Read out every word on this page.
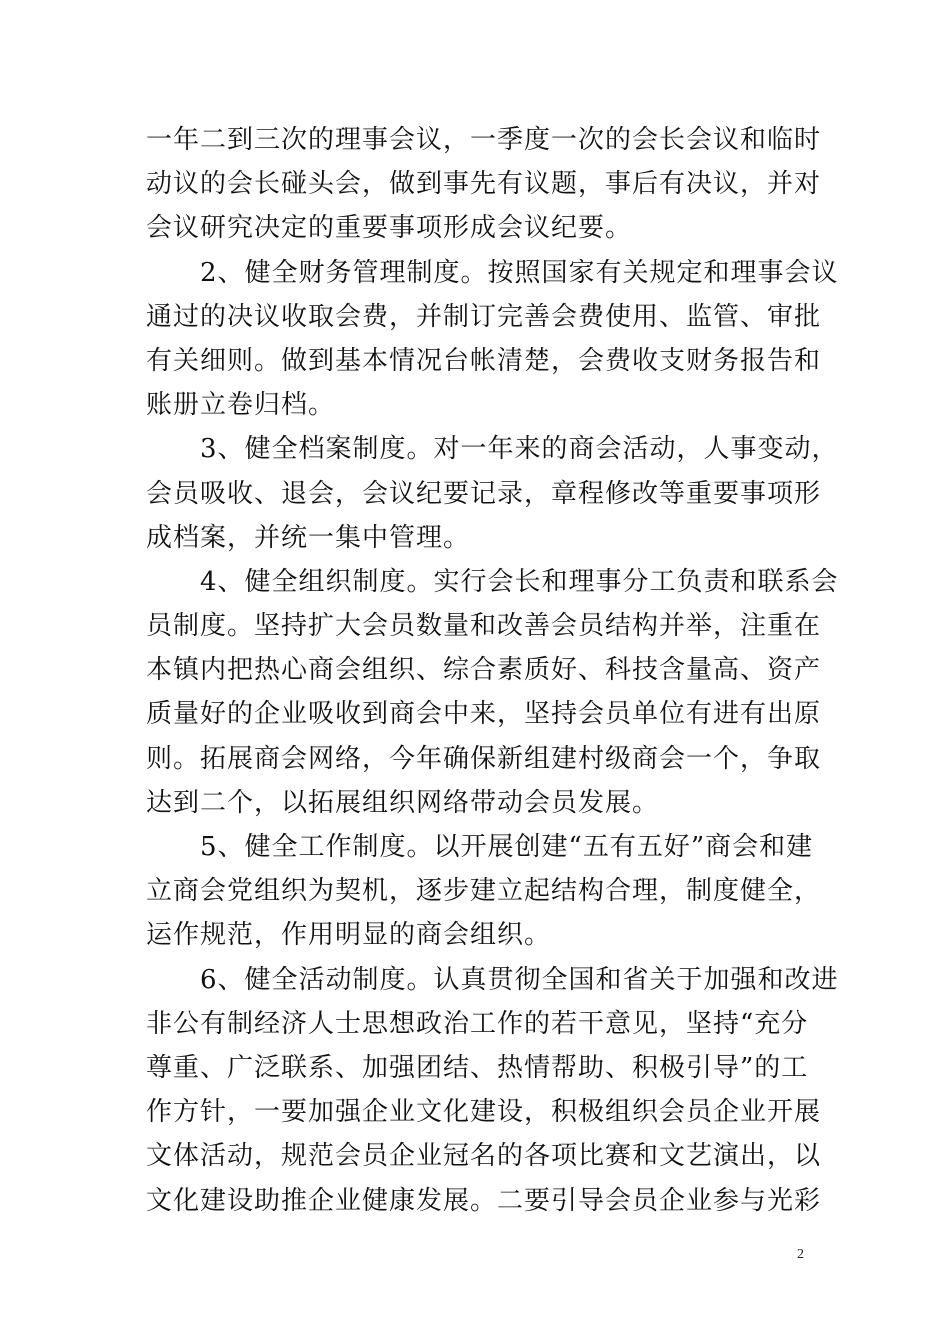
一年二到三次的理事会议，一季度一次的会长会议和临时
动议的会长碰头会，做到事先有议题，事后有决议，并对
会议研究决定的重要事项形成会议纪要。
2、健全财务管理制度。按照国家有关规定和理事会议
通过的决议收取会费，并制订完善会费使用、监管、审批
有关细则。做到基本情况台帐清楚，会费收支财务报告和
账册立卷归档。
3、健全档案制度。对一年来的商会活动，人事变动，
会员吸收、退会，会议纪要记录，章程修改等重要事项形
成档案，并统一集中管理。
4、健全组织制度。实行会长和理事分工负责和联系会
员制度。坚持扩大会员数量和改善会员结构并举，注重在
本镇内把热心商会组织、综合素质好、科技含量高、资产
质量好的企业吸收到商会中来，坚持会员单位有进有出原
则。拓展商会网络，今年确保新组建村级商会一个，争取
达到二个，以拓展组织网络带动会员发展。
5、健全工作制度。以开展创建“五有五好”商会和建
立商会党组织为契机，逐步建立起结构合理，制度健全，
运作规范，作用明显的商会组织。
6、健全活动制度。认真贯彻全国和省关于加强和改进
非公有制经济人士思想政治工作的若干意见，坚持“充分
尊重、广泛联系、加强团结、热情帮助、积极引导”的工
作方针，一要加强企业文化建设，积极组织会员企业开展
文体活动，规范会员企业冠名的各项比赛和文艺演出，以
文化建设助推企业健康发展。二要引导会员企业参与光彩
2
